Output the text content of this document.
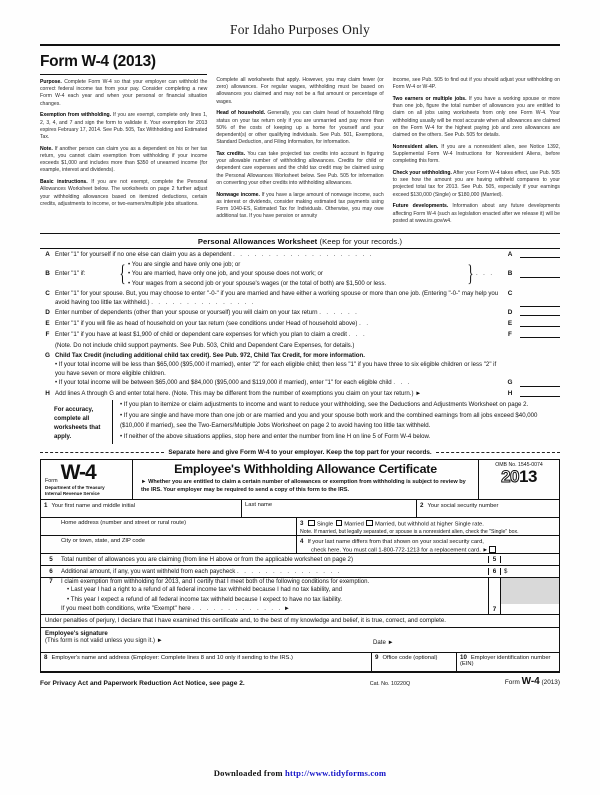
For Idaho Purposes Only
Form W-4 (2013)

Purpose. Complete Form W-4 so that your employer can withhold the correct federal income tax from your pay. Consider completing a new Form W-4 each year and when your personal or financial situation changes.

Exemption from withholding. If you are exempt, complete only lines 1, 2, 3, 4, and 7 and sign the form to validate it. Your exemption for 2013 expires February 17, 2014. See Pub. 505, Tax Withholding and Estimated Tax.

Note. If another person can claim you as a dependent on his or her tax return, you cannot claim exemption from withholding if your income exceeds $1,000 and includes more than $350 of unearned income (for example, interest and dividends).

Basic instructions. If you are not exempt, complete the Personal Allowances Worksheet below. The worksheets on page 2 further adjust your withholding allowances based on itemized deductions, certain credits, adjustments to income, or two-earners/multiple jobs situations.

Complete all worksheets that apply. However, you may claim fewer (or zero) allowances. For regular wages, withholding must be based on allowances you claimed and may not be a flat amount or percentage of wages.

Head of household. Generally, you can claim head of household filing status on your tax return only if you are unmarried and pay more than 50% of the costs of keeping up a home for yourself and your dependent(s) or other qualifying individuals. See Pub. 501, Exemptions, Standard Deduction, and Filing Information, for information.

Tax credits. You can take projected tax credits into account in figuring your allowable number of withholding allowances. Credits for child or dependent care expenses and the child tax credit may be claimed using the Personal Allowances Worksheet below. See Pub. 505 for information on converting your other credits into withholding allowances.

Nonwage income. If you have a large amount of nonwage income, such as interest or dividends, consider making estimated tax payments using Form 1040-ES, Estimated Tax for Individuals. Otherwise, you may owe additional tax. If you have pension or annuity

income, see Pub. 505 to find out if you should adjust your withholding on Form W-4 or W-4P.

Two earners or multiple jobs. If you have a working spouse or more than one job, figure the total number of allowances you are entitled to claim on all jobs using worksheets from only one Form W-4. Your withholding usually will be most accurate when all allowances are claimed on the Form W-4 for the highest paying job and zero allowances are claimed on the others. See Pub. 505 for details.

Nonresident alien. If you are a nonresident alien, see Notice 1392, Supplemental Form W-4 Instructions for Nonresident Aliens, before completing this form.

Check your withholding. After your Form W-4 takes effect, use Pub. 505 to see how the amount you are having withheld compares to your projected total tax for 2013. See Pub. 505, especially if your earnings exceed $130,000 (Single) or $180,000 (Married).

Future developments. Information about any future developments affecting Form W-4 (such as legislation enacted after we release it) will be posted at www.irs.gov/w4.

Personal Allowances Worksheet (Keep for your records.)
A Enter "1" for yourself if no one else can claim you as a dependent . . . . . . . . . . . . . . . . . . . .	A
B Enter "1" if:	{ • You are single and have only one job; or
• You are married, have only one job, and your spouse does not work; or
• Your wages from a second job or your spouse's wages (or the total of both) are $1,500 or less.	} . . .	B
C Enter "1" for your spouse. But, you may choose to enter "-0-" if you are married and have either a working spouse or more than one job. (Entering "-0-" may help you avoid having too little tax withheld.) . . . . . . . . . . . . . . .
C
D Enter number of dependents (other than your spouse or yourself) you will claim on your tax return . . . . . .	D
E Enter "1" if you will file as head of household on your tax return (see conditions under Head of household above) . .	E
F Enter "1" if you have at least $1,900 of child or dependent care expenses for which you plan to claim a credit . . .	F
(Note. Do not include child support payments. See Pub. 503, Child and Dependent Care Expenses, for details.)
G Child Tax Credit (including additional child tax credit). See Pub. 972, Child Tax Credit, for more information.
• If your total income will be less than $65,000 ($95,000 if married), enter "2" for each eligible child; then less "1" if you have three to six eligible children or less "2" if you have seven or more eligible children.
• If your total income will be between $65,000 and $84,000 ($95,000 and $119,000 if married), enter "1" for each eligible child . . .	G
H Add lines A through G and enter total here. (Note. This may be different from the number of exemptions you claim on your tax return.) ►	H
For accuracy, complete all worksheets that apply.
• If you plan to itemize or claim adjustments to income and want to reduce your withholding, see the Deductions and Adjustments Worksheet on page 2.
• If you are single and have more than one job or are married and you and your spouse both work and the combined earnings from all jobs exceed $40,000 ($10,000 if married), see the Two-Earners/Multiple Jobs Worksheet on page 2 to avoid having too little tax withheld.
• If neither of the above situations applies, stop here and enter the number from line H on line 5 of Form W-4 below.
Separate here and give Form W-4 to your employer. Keep the top part for your records.
Form W-4
Department of the Treasury
Internal Revenue Service
Employee's Withholding Allowance Certificate
► Whether you are entitled to claim a certain number of allowances or exemption from withholding is subject to review by the IRS. Your employer may be required to send a copy of this form to the IRS.
OMB No. 1545-0074
2013
1 Your first name and middle initial	Last name	2 Your social security number
Home address (number and street or rural route)	3 Single Married Married, but withhold at higher Single rate.
Note. If married, but legally separated, or spouse is a nonresident alien, check the "Single" box.
City or town, state, and ZIP code	4 If your last name differs from that shown on your social security card,
check here. You must call 1-800-772-1213 for a replacement card. ►
5	Total number of allowances you are claiming (from line H above or from the applicable worksheet on page 2)	5
6	Additional amount, if any, you want withheld from each paycheck . . . . . . . . . . . . . . .	6	$
7	I claim exemption from withholding for 2013, and I certify that I meet both of the following conditions for exemption.
• Last year I had a right to a refund of all federal income tax withheld because I had no tax liability, and
• This year I expect a refund of all federal income tax withheld because I expect to have no tax liability.
If you meet both conditions, write "Exempt" here . . . . . . . . . . . . . ►	7
Under penalties of perjury, I declare that I have examined this certificate and, to the best of my knowledge and belief, it is true, correct, and complete.
Employee's signature
(This form is not valid unless you sign it.) ►	Date ►
8 Employer's name and address (Employer: Complete lines 8 and 10 only if sending to the IRS.)	9 Office code (optional)	10 Employer identification number (EIN)
For Privacy Act and Paperwork Reduction Act Notice, see page 2.	Cat. No. 10220Q	Form W-4 (2013)
Downloaded from http://www.tidyforms.com
